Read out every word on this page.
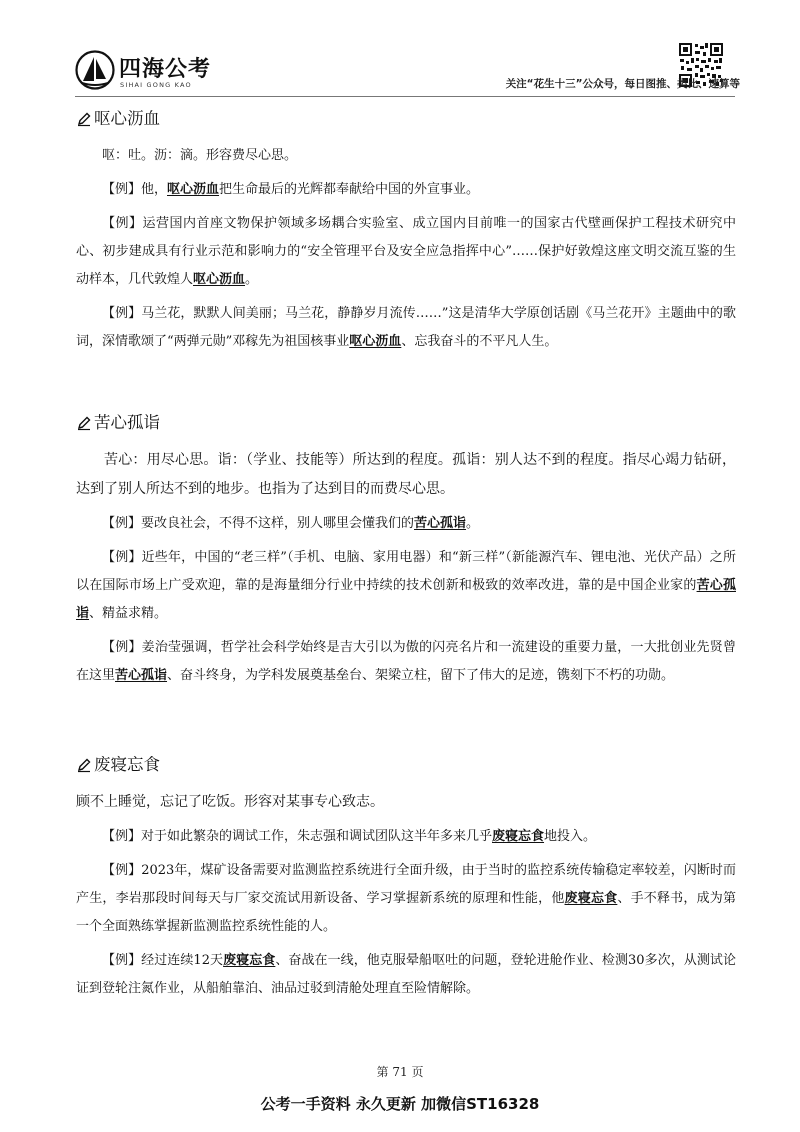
四海公考
SIHAI GONG KAO	关注“花生十三”公众号，每日图推、类比、速算等
呕心沥血

呕：吐。沥：滴。形容费尽心思。

【例】他，呕心沥血把生命最后的光辉都奉献给中国的外宣事业。

【例】运营国内首座文物保护领域多场耦合实验室、成立国内目前唯一的国家古代壁画保护工程技术研究中心、初步建成具有行业示范和影响力的“安全管理平台及安全应急指挥中心”……保护好敦煌这座文明交流互鉴的生动样本，几代敦煌人呕心沥血。

【例】马兰花，默默人间美丽；马兰花，静静岁月流传……”这是清华大学原创话剧《马兰花开》主题曲中的歌词，深情歌颂了“两弹元勋”邓稼先为祖国核事业呕心沥血、忘我奋斗的不平凡人生。

苦心孤诣

苦心：用尽心思。诣：（学业、技能等）所达到的程度。孤诣：别人达不到的程度。指尽心竭力钻研，达到了别人所达不到的地步。也指为了达到目的而费尽心思。

【例】要改良社会，不得不这样，别人哪里会懂我们的苦心孤诣。

【例】近些年，中国的“老三样”（手机、电脑、家用电器）和“新三样”（新能源汽车、锂电池、光伏产品）之所以在国际市场上广受欢迎，靠的是海量细分行业中持续的技术创新和极致的效率改进，靠的是中国企业家的苦心孤诣、精益求精。

【例】姜治莹强调，哲学社会科学始终是吉大引以为傲的闪亮名片和一流建设的重要力量，一大批创业先贤曾在这里苦心孤诣、奋斗终身，为学科发展奠基垒台、架梁立柱，留下了伟大的足迹，镌刻下不朽的功勋。

废寝忘食

顾不上睡觉，忘记了吃饭。形容对某事专心致志。

【例】对于如此繁杂的调试工作，朱志强和调试团队这半年多来几乎废寝忘食地投入。

【例】2023年，煤矿设备需要对监测监控系统进行全面升级，由于当时的监控系统传输稳定率较差，闪断时而产生，李岩那段时间每天与厂家交流试用新设备、学习掌握新系统的原理和性能，他废寝忘食、手不释书，成为第一个全面熟练掌握新监测监控系统性能的人。

【例】经过连续12天废寝忘食、奋战在一线，他克服晕船呕吐的问题，登轮进舱作业、检测30多次，从测试论证到登轮注氮作业，从船舶靠泊、油品过驳到清舱处理直至险情解除。

第 71 页
公考一手资料 永久更新 加微信ST16328
